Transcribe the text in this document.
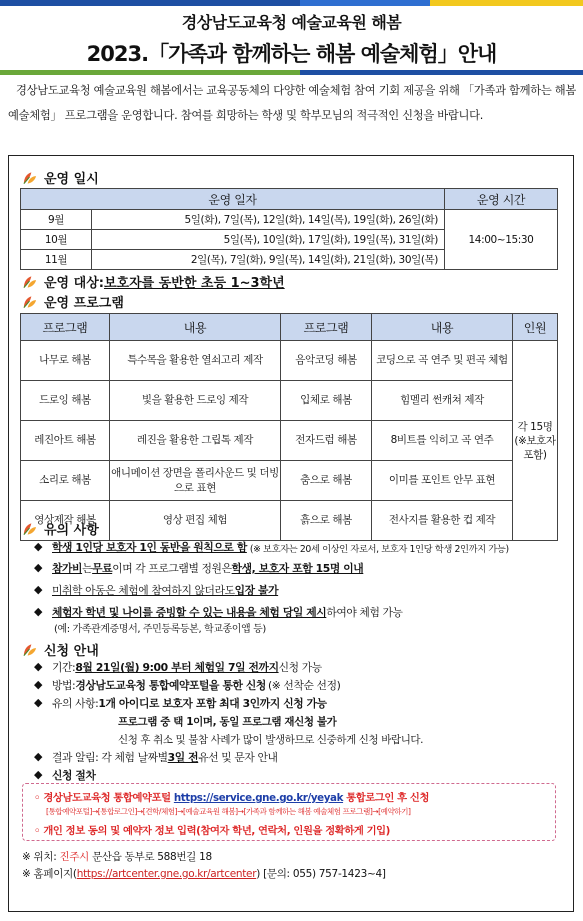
경상남도교육청 예술교육원 해봄
2023.「가족과 함께하는 해봄 예술체험」안내
경상남도교육청 예술교육원 해봄에서는 교육공동체의 다양한 예술체험 참여 기회 제공을 위해 「가족과 함께하는 해봄 예술체험」 프로그램을 운영합니다. 참여를 희망하는 학생 및 학부모님의 적극적인 신청을 바랍니다.
운영 일시
운영 일자		운영 시간
9월	5일(화), 7일(목), 12일(화), 14일(목), 19일(화), 26일(화)	14:00~15:30
10월	5일(목), 10일(화), 17일(화), 19일(목), 31일(화)	
11월	2일(목), 7일(화), 9일(목), 14일(화), 21일(화), 30일(목)	
운영 대상: 보호자를 동반한 초등 1~3학년
운영 프로그램
프로그램	내용	프로그램	내용	인원
나무로 해봄	특수목을 활용한 열쇠고리 제작	음악코딩 해봄	코딩으로 곡 연주 및 편곡 체험	각 15명
(※보호자 포함)

드로잉 해봄	빛을 활용한 드로잉 제작	입체로 해봄	힘멜리 썬캐쳐 제작	
레진아트 해봄	레진을 활용한 그립톡 제작	전자드럼 해봄	8비트를 익히고 곡 연주	
소리로 해봄	애니메이션 장면을 폴리사운드 및 더빙으로 표현	춤으로 해봄	이미를 포인트 안무 표현	
영상제작 해봄	영상 편집 체험	흙으로 해봄	전사지를 활용한 컵 제작	
유의 사항
◆ 학생 1인당 보호자 1인 동반을 원칙으로 함 (※ 보호자는 20세 이상인 자로서, 보호자 1인당 학생 2인까지 가능)
◆ 참가비 는 무료 이며 각 프로그램별 정원은 학생, 보호자 포함 15명 이내
◆ 미취학 아동은 체험에 참여하지 않더라도 입장 불가
◆ 체험자 학년 및 나이를 증빙할 수 있는 내용을 체험 당일 제시 하여야 체험 가능
(예: 가족관계증명서, 주민등록등본, 학교종이앱 등)
신청 안내
◆ 기간: 8월 21일(월) 9:00 부터 체험일 7일 전까지 신청 가능
◆ 방법: 경상남도교육청 통합예약포털을 통한 신청 (※ 선착순 선정)
◆ 유의 사항: 1개 아이디로 보호자 포함 최대 3인까지 신청 가능
프로그램 중 택 1이며, 동일 프로그램 재신청 불가
신청 후 취소 및 불참 사례가 많이 발생하므로 신중하게 신청 바랍니다.
◆ 결과 알림: 각 체험 날짜별 3일 전 유선 및 문자 안내
◆ 신청 절차
◦ 경상남도교육청 통합예약포털 https://service.gne.go.kr/yeyak 통합로그인 후 신청
[통합예약포털]→[통합로그인]→[견학/체험]→[예술교육원 해봄]→[가족과 함께하는 해봄 예술체험 프로그램]→[예약하기]
◦ 개인 정보 동의 및 예약자 정보 입력(참여자 학년, 연락처, 인원을 정확하게 기입)
※ 위치: 진주시 문산읍 동부로 588번길 18
※ 홈페이지(https://artcenter.gne.go.kr/artcenter) [문의: 055) 757-1423~4]
